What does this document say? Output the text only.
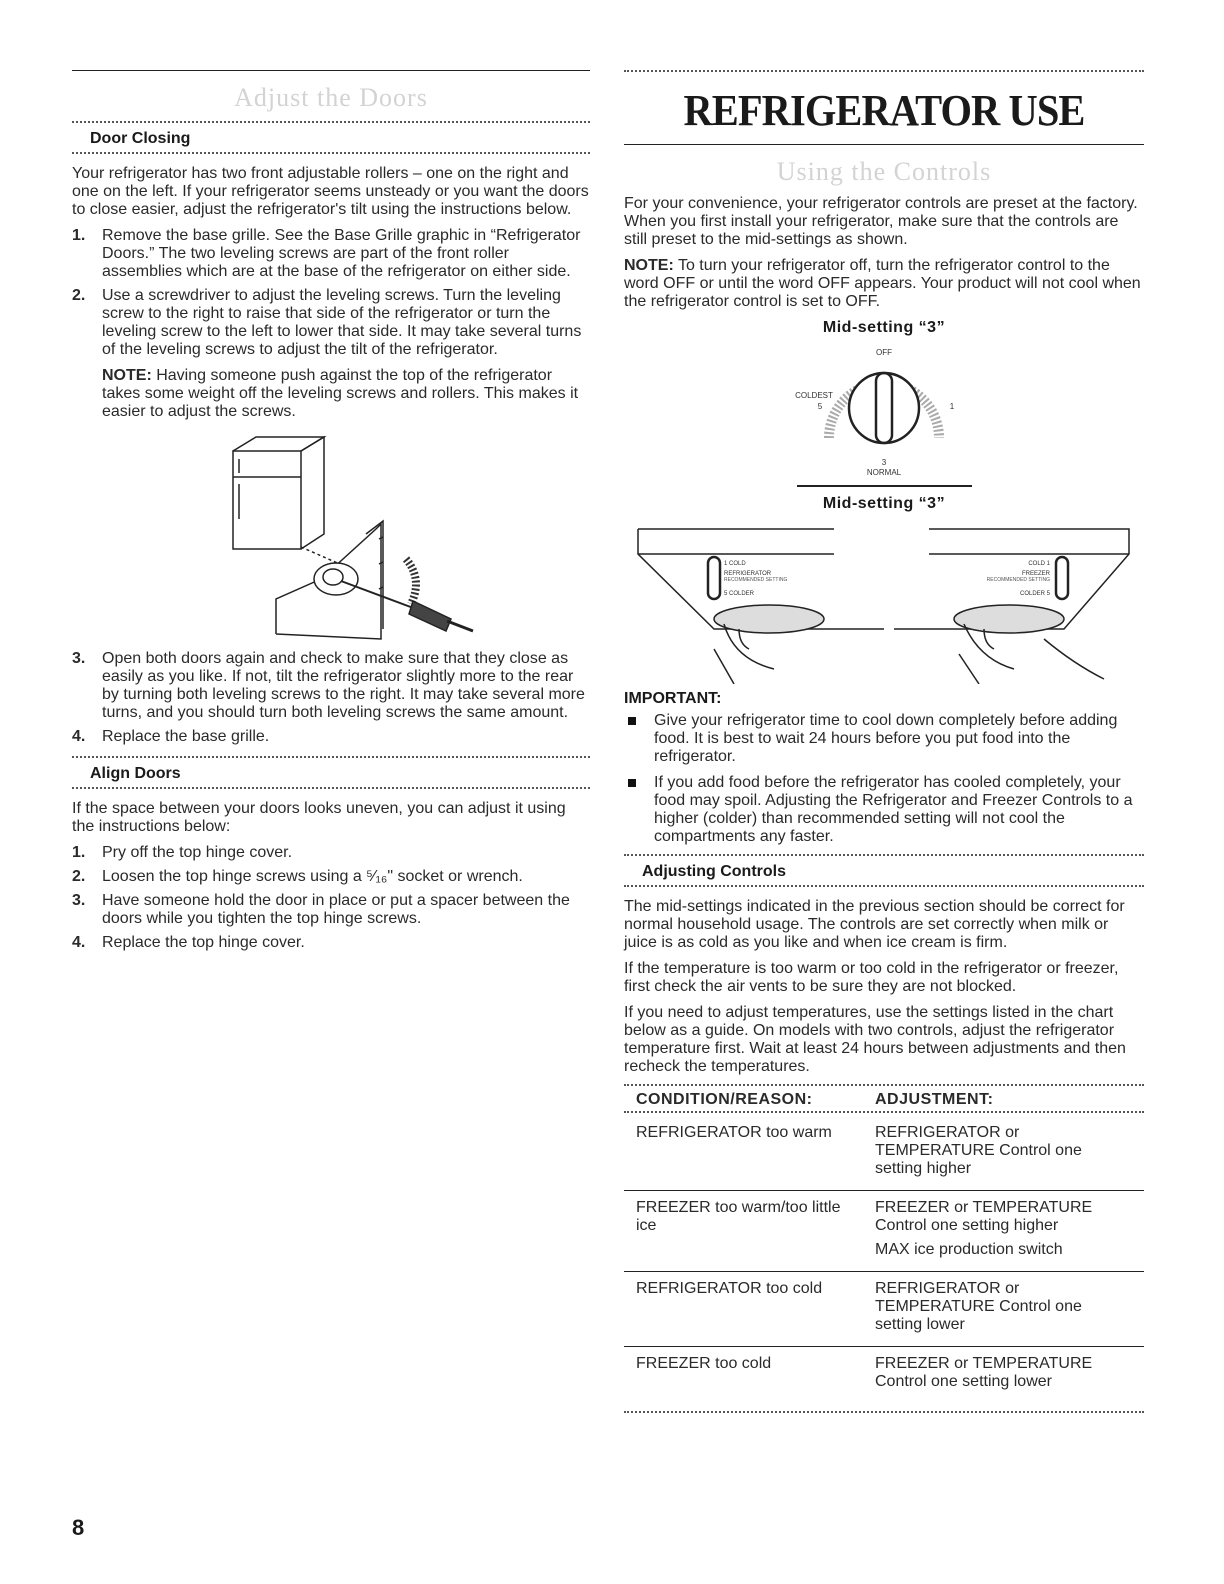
Adjust the Doors
Door Closing

Your refrigerator has two front adjustable rollers – one on the right and one on the left. If your refrigerator seems unsteady or you want the doors to close easier, adjust the refrigerator's tilt using the instructions below.

1. Remove the base grille. See the Base Grille graphic in “Refrigerator Doors.” The two leveling screws are part of the front roller assemblies which are at the base of the refrigerator on either side.
2. Use a screwdriver to adjust the leveling screws. Turn the leveling screw to the right to raise that side of the refrigerator or turn the leveling screw to the left to lower that side. It may take several turns of the leveling screws to adjust the tilt of the refrigerator.

NOTE: Having someone push against the top of the refrigerator takes some weight off the leveling screws and rollers. This makes it easier to adjust the screws.

3. Open both doors again and check to make sure that they close as easily as you like. If not, tilt the refrigerator slightly more to the rear by turning both leveling screws to the right. It may take several more turns, and you should turn both leveling screws the same amount.
4. Replace the base grille.
Align Doors

If the space between your doors looks uneven, you can adjust it using the instructions below:

1. Pry off the top hinge cover.
2. Loosen the top hinge screws using a ⁵⁄₁₆" socket or wrench.
3. Have someone hold the door in place or put a spacer between the doors while you tighten the top hinge screws.
4. Replace the top hinge cover.
REFRIGERATOR USE
Using the Controls

For your convenience, your refrigerator controls are preset at the factory. When you first install your refrigerator, make sure that the controls are still preset to the mid-settings as shown.

NOTE: To turn your refrigerator off, turn the refrigerator control to the word OFF or until the word OFF appears. Your product will not cool when the refrigerator control is set to OFF.

Mid-setting “3”
OFF
COLDEST
5	1
3
NORMAL
Mid-setting “3”
1 COLD
REFRIGERATOR
RECOMMENDED SETTING
5 COLDER
COLD 1
FREEZER
RECOMMENDED SETTING
COLDER 5
IMPORTANT:
Give your refrigerator time to cool down completely before adding food. It is best to wait 24 hours before you put food into the refrigerator.
If you add food before the refrigerator has cooled completely, your food may spoil. Adjusting the Refrigerator and Freezer Controls to a higher (colder) than recommended setting will not cool the compartments any faster.
Adjusting Controls

The mid-settings indicated in the previous section should be correct for normal household usage. The controls are set correctly when milk or juice is as cold as you like and when ice cream is firm.

If the temperature is too warm or too cold in the refrigerator or freezer, first check the air vents to be sure they are not blocked.

If you need to adjust temperatures, use the settings listed in the chart below as a guide. On models with two controls, adjust the refrigerator temperature first. Wait at least 24 hours between adjustments and then recheck the temperatures.

CONDITION/REASON:	ADJUSTMENT:

REFRIGERATOR too warm	REFRIGERATOR or TEMPERATURE Control one setting higher
FREEZER too warm/too little ice	FREEZER or TEMPERATURE Control one setting higher
MAX ice production switch

REFRIGERATOR too cold	REFRIGERATOR or TEMPERATURE Control one setting lower
FREEZER too cold	FREEZER or TEMPERATURE Control one setting lower
8
